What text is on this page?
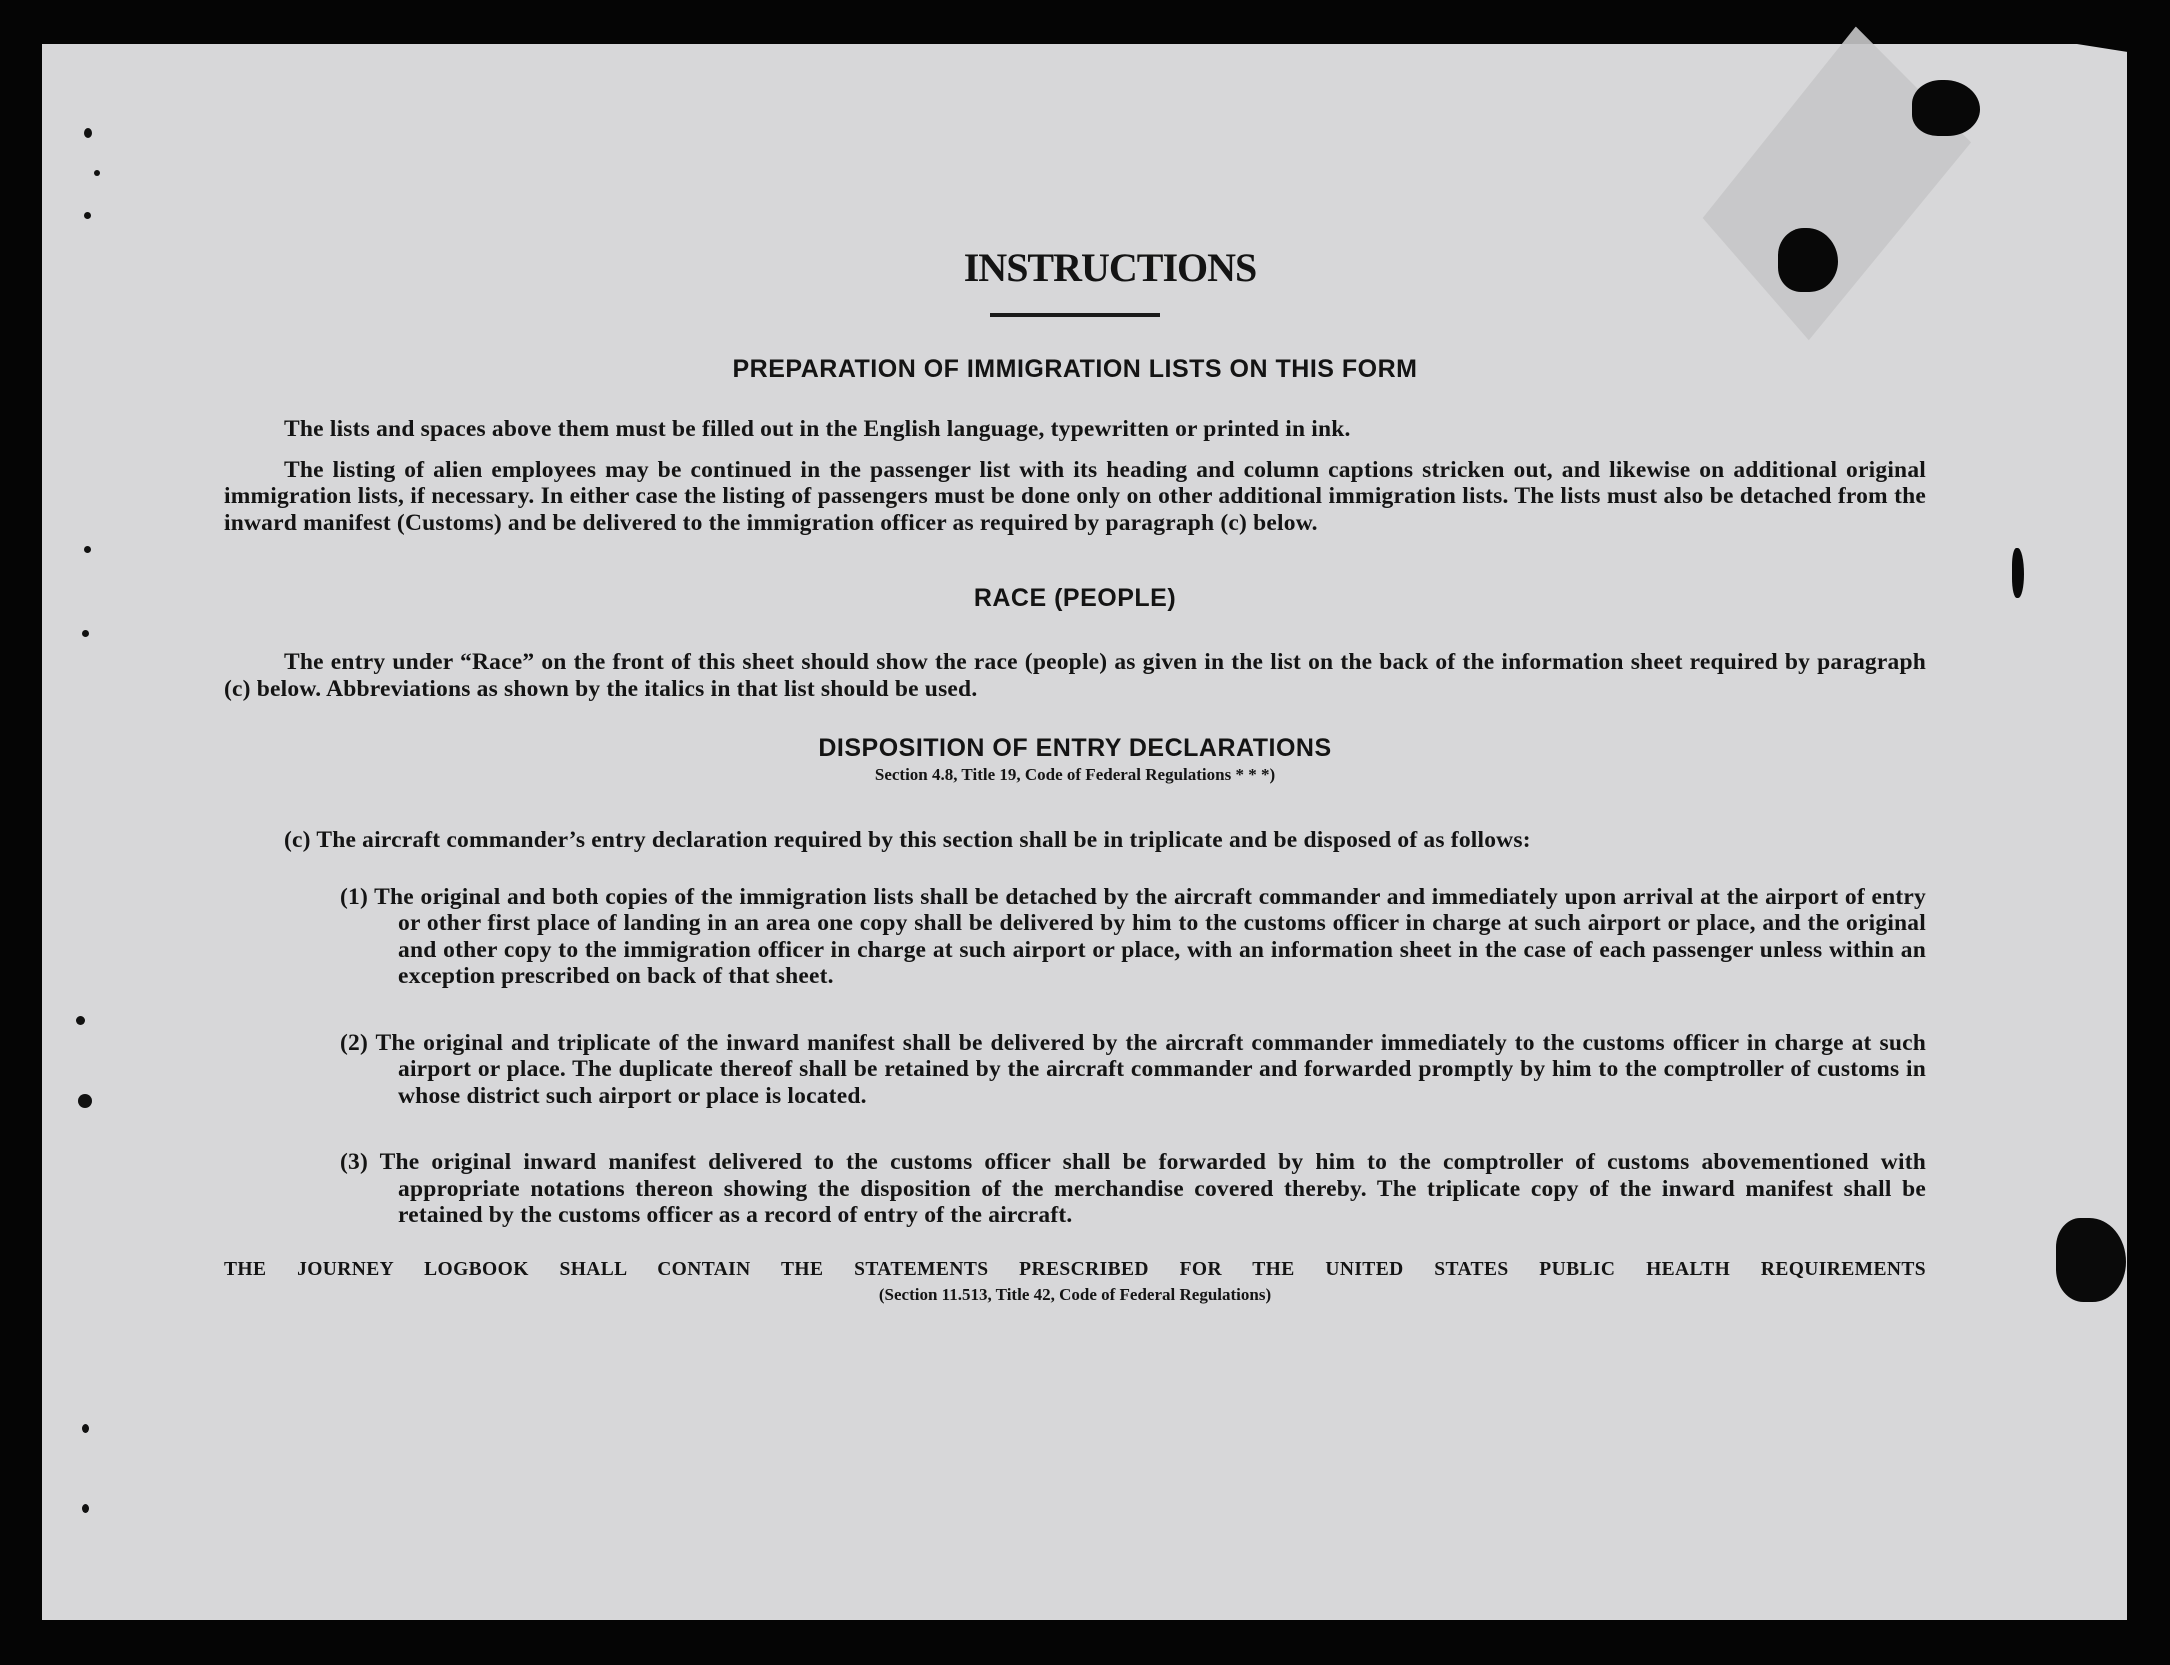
INSTRUCTIONS
PREPARATION OF IMMIGRATION LISTS ON THIS FORM

The lists and spaces above them must be filled out in the English language, typewritten or printed in ink.

The listing of alien employees may be continued in the passenger list with its heading and column captions stricken out, and likewise on additional original immigration lists, if necessary. In either case the listing of passengers must be done only on other additional immigration lists. The lists must also be detached from the inward manifest (Customs) and be delivered to the immigration officer as required by paragraph (c) below.

RACE (PEOPLE)

The entry under “Race” on the front of this sheet should show the race (people) as given in the list on the back of the information sheet required by paragraph (c) below. Abbreviations as shown by the italics in that list should be used.

DISPOSITION OF ENTRY DECLARATIONS
Section 4.8, Title 19, Code of Federal Regulations * * *)

(c) The aircraft commander’s entry declaration required by this section shall be in triplicate and be disposed of as follows:

(1) The original and both copies of the immigration lists shall be detached by the aircraft commander and immediately upon arrival at the airport of entry or other first place of landing in an area one copy shall be delivered by him to the customs officer in charge at such airport or place, and the original and other copy to the immigration officer in charge at such airport or place, with an information sheet in the case of each passenger unless within an exception prescribed on back of that sheet.

(2) The original and triplicate of the inward manifest shall be delivered by the aircraft commander immediately to the customs officer in charge at such airport or place. The duplicate thereof shall be retained by the aircraft commander and forwarded promptly by him to the comptroller of customs in whose district such airport or place is located.

(3) The original inward manifest delivered to the customs officer shall be forwarded by him to the comptroller of customs abovementioned with appropriate notations thereon showing the disposition of the merchandise covered thereby. The triplicate copy of the inward manifest shall be retained by the customs officer as a record of entry of the aircraft.

THE JOURNEY LOGBOOK SHALL CONTAIN THE STATEMENTS PRESCRIBED FOR THE UNITED STATES PUBLIC HEALTH REQUIREMENTS
(Section 11.513, Title 42, Code of Federal Regulations)
